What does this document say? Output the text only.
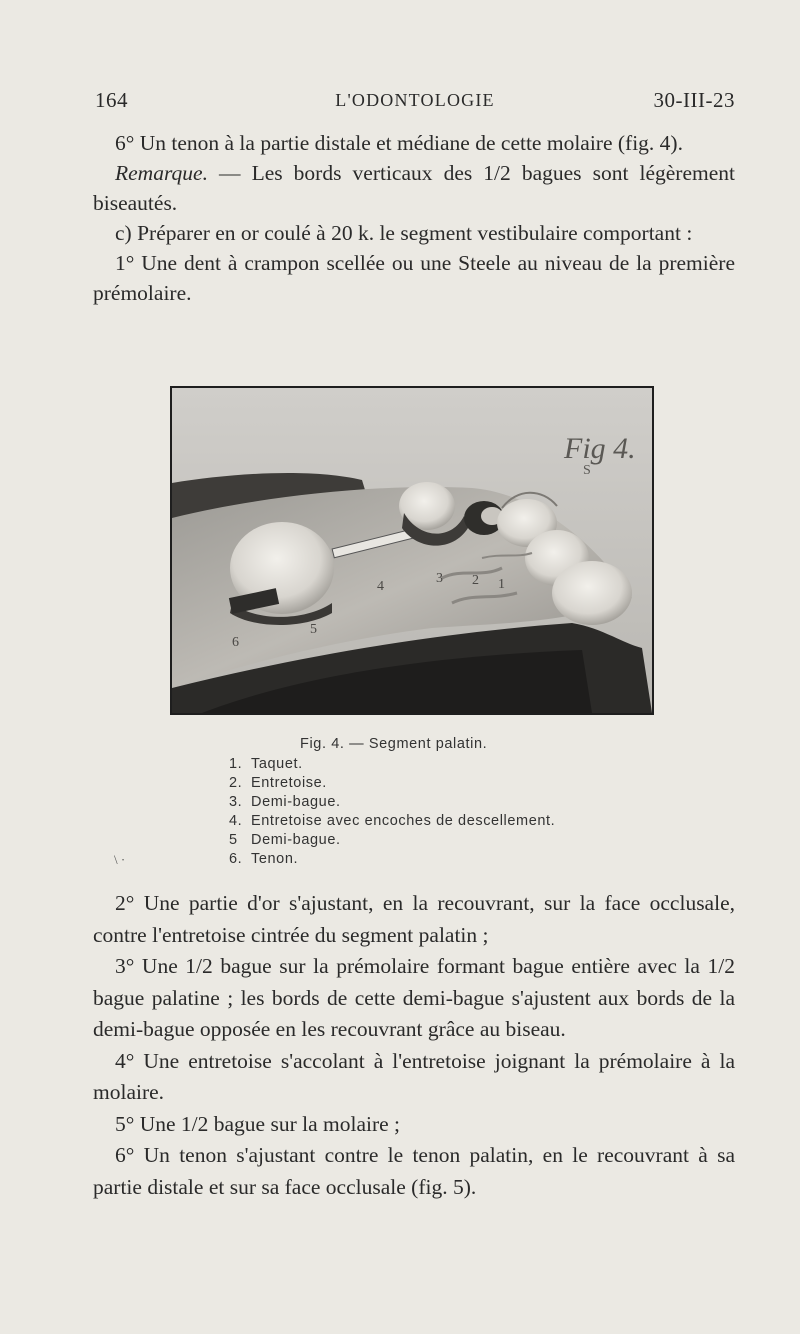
164	L'ODONTOLOGIE	30-III-23

6° Un tenon à la partie distale et médiane de cette molaire (fig. 4).

Remarque. — Les bords verticaux des 1/2 bagues sont légèrement biseautés.

c) Préparer en or coulé à 20 k. le segment vestibulaire comportant :

1° Une dent à crampon scellée ou une Steele au niveau de la première prémolaire.

Fig 4.
S
1
2
3
4
5
6
Fig. 4. — Segment palatin.
1. Taquet.
2. Entretoise.
3. Demi-bague.
4. Entretoise avec encoches de descellement.
5 Demi-bague.
6. Tenon.
\ ·

2° Une partie d'or s'ajustant, en la recouvrant, sur la face occlusale, contre l'entretoise cintrée du segment palatin ;

3° Une 1/2 bague sur la prémolaire formant bague entière avec la 1/2 bague palatine ; les bords de cette demi-bague s'ajustent aux bords de la demi-bague opposée en les recouvrant grâce au biseau.

4° Une entretoise s'accolant à l'entretoise joignant la prémolaire à la molaire.

5° Une 1/2 bague sur la molaire ;

6° Un tenon s'ajustant contre le tenon palatin, en le recouvrant à sa partie distale et sur sa face occlusale (fig. 5).
